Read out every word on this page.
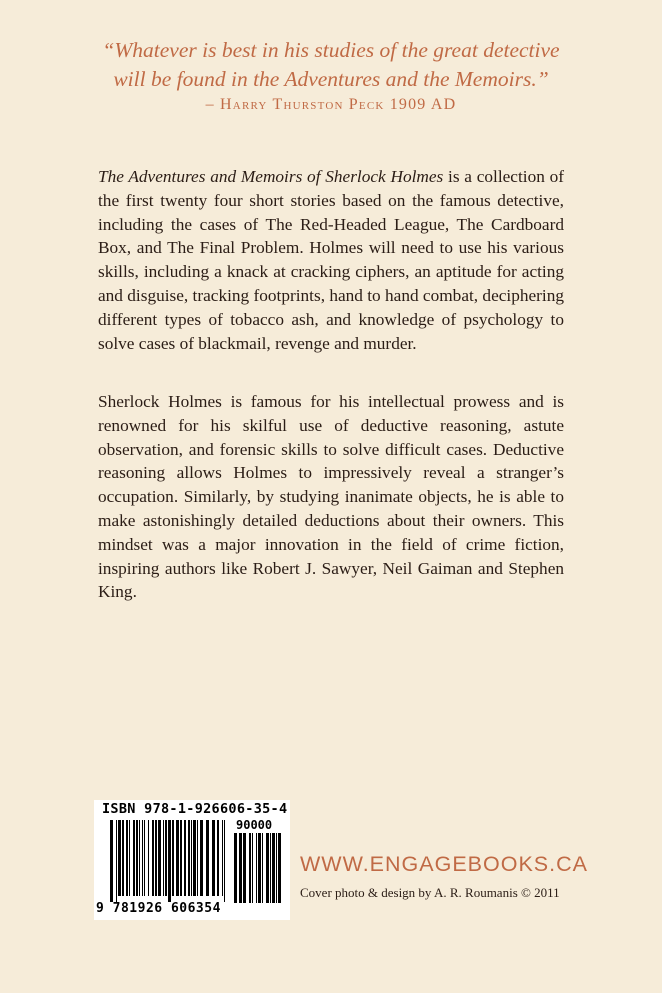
“Whatever is best in his studies of the great detective
will be found in the Adventures and the Memoirs.”
– Harry Thurston Peck 1909 AD

The Adventures and Memoirs of Sherlock Holmes is a collection of the first twenty four short stories based on the famous detective, including the cases of The Red-Headed League, The Cardboard Box, and The Final Problem. Holmes will need to use his various skills, including a knack at cracking ciphers, an aptitude for acting and disguise, tracking footprints, hand to hand combat, deciphering different types of tobacco ash, and knowledge of psychology to solve cases of blackmail, revenge and murder.

Sherlock Holmes is famous for his intellectual prowess and is renowned for his skilful use of deductive reasoning, astute observation, and forensic skills to solve difficult cases. Deductive reasoning allows Holmes to impressively reveal a stranger’s occupation. Similarly, by studying inanimate objects, he is able to make astonishingly detailed deductions about their owners. This mindset was a major innovation in the field of crime fiction, inspiring authors like Robert J. Sawyer, Neil Gaiman and Stephen King.

ISBN 978-1-926606-35-4
90000
9 781926 606354
WWW.ENGAGEBOOKS.CA
Cover photo & design by A. R. Roumanis © 2011
